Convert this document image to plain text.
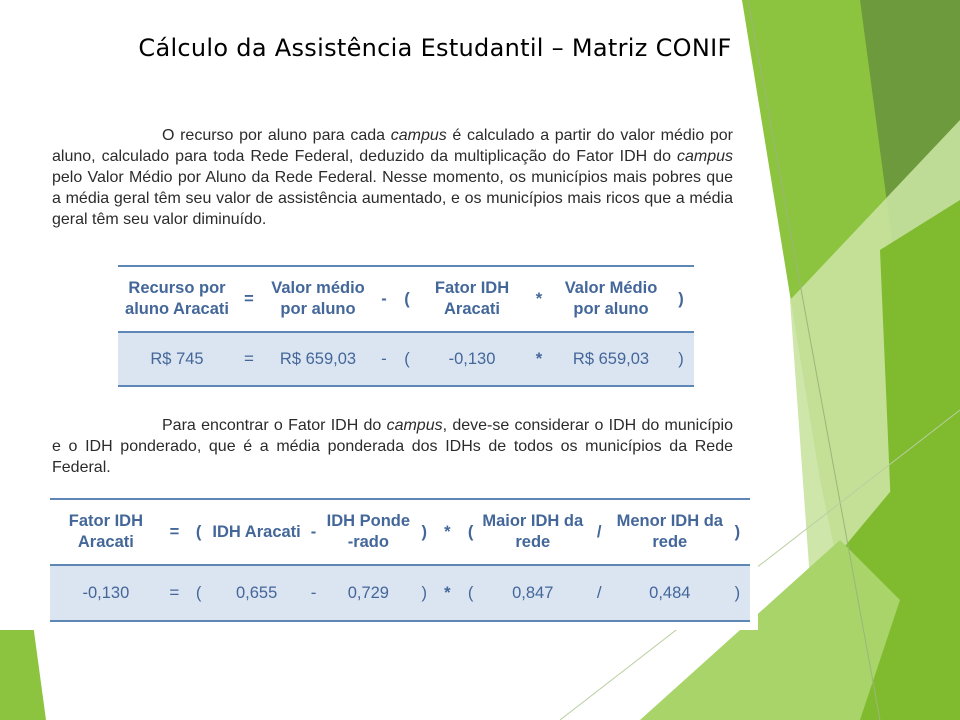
Cálculo da Assistência Estudantil – Matriz CONIF
O recurso por aluno para cada campus é calculado a partir do valor médio por aluno, calculado para toda Rede Federal, deduzido da multiplicação do Fator IDH do campus pelo Valor Médio por Aluno da Rede Federal. Nesse momento, os municípios mais pobres que a média geral têm seu valor de assistência aumentado, e os municípios mais ricos que a média geral têm seu valor diminuído.
Recurso por aluno Aracati	=	Valor médio por aluno	-	(	Fator IDH Aracati	*	Valor Médio por aluno	)
R$ 745	=	R$ 659,03	-	(	-0,130	*	R$ 659,03	)
Para encontrar o Fator IDH do campus, deve-se considerar o IDH do município e o IDH ponderado, que é a média ponderada dos IDHs de todos os municípios da Rede Federal.
Fator IDH Aracati	=	(	IDH Aracati	-	IDH Ponde-rado	)	*	(	Maior IDH da rede	/	Menor IDH da rede	)
-0,130	=	(	0,655	-	0,729	)	*	(	0,847	/	0,484	)
